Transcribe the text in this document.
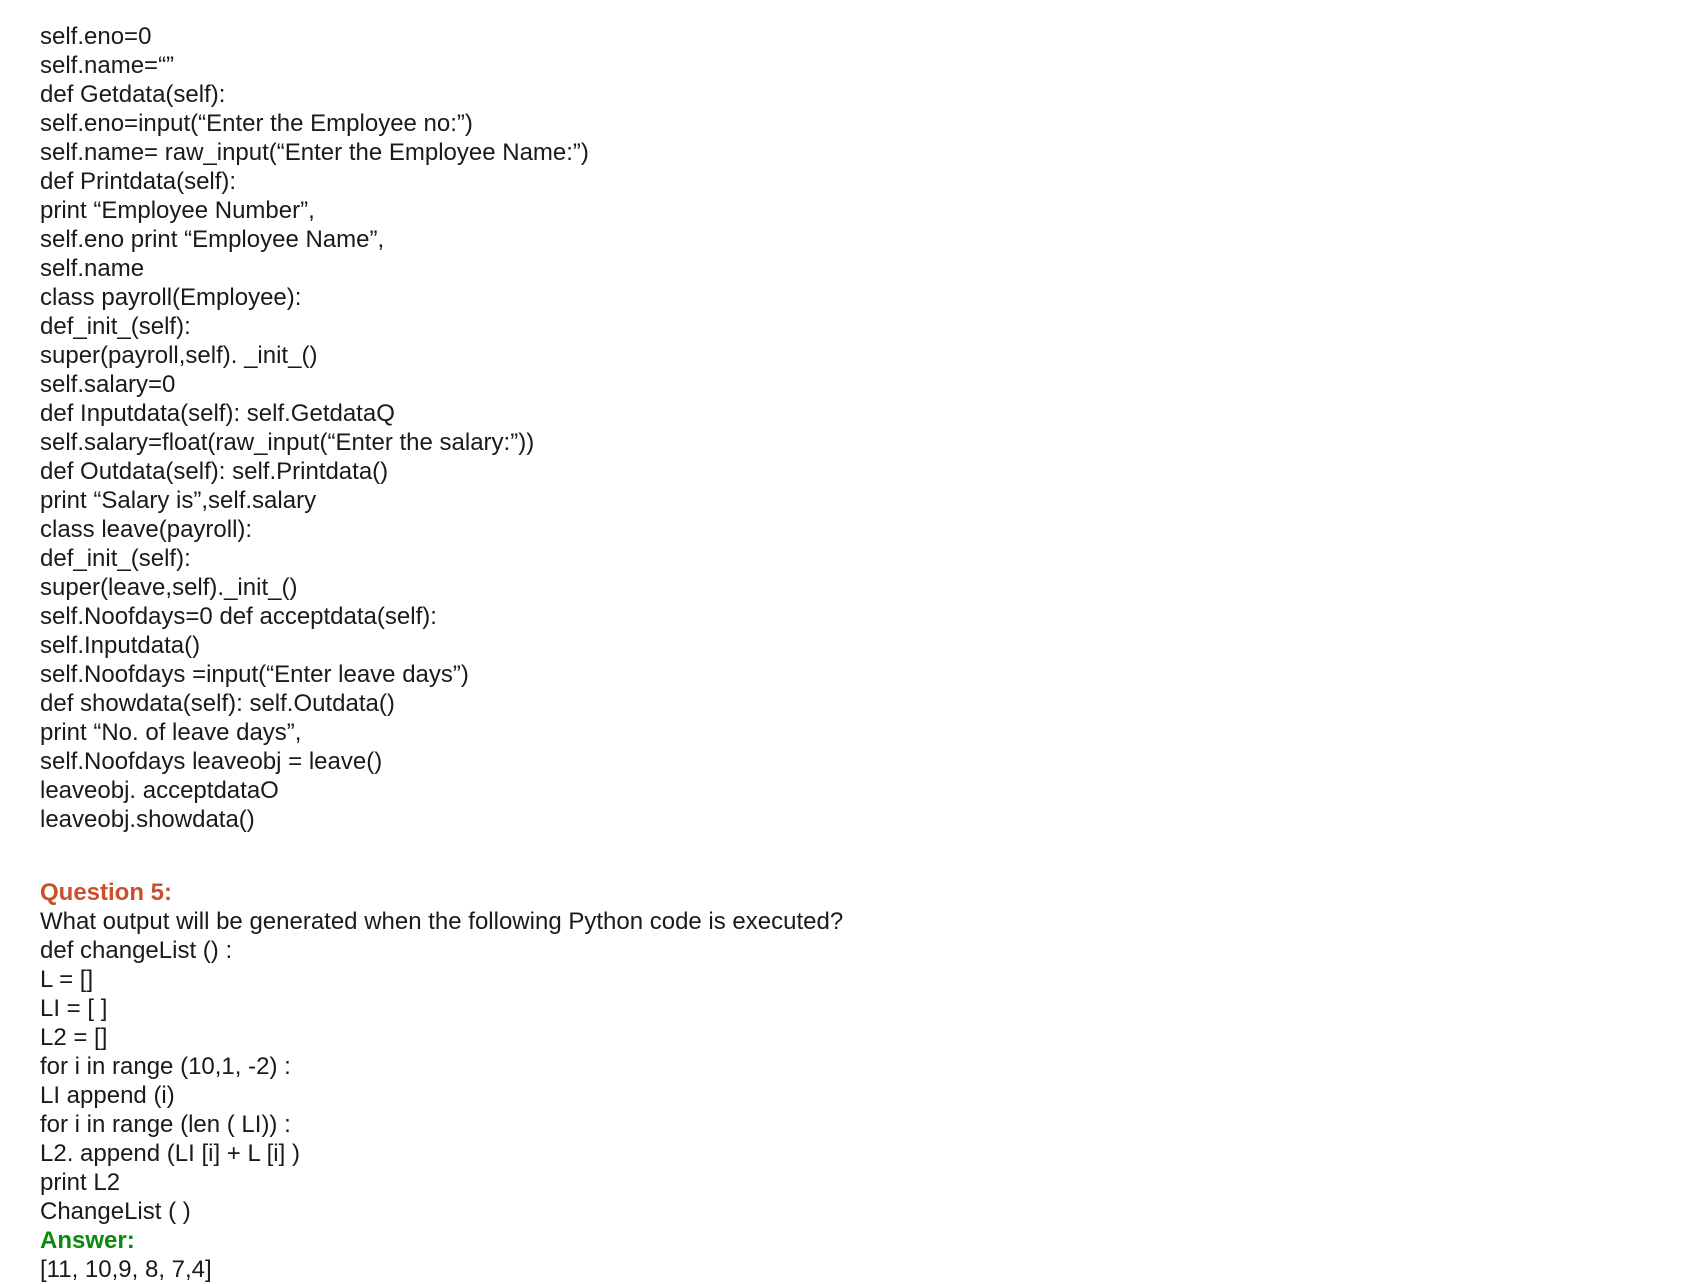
self.eno=0
self.name=“”
def Getdata(self):
self.eno=input(“Enter the Employee no:”)
self.name= raw_input(“Enter the Employee Name:”)
def Printdata(self):
print “Employee Number”,
self.eno print “Employee Name”,
self.name
class payroll(Employee):
def_init_(self):
super(payroll,self). _init_()
self.salary=0
def Inputdata(self): self.GetdataQ
self.salary=float(raw_input(“Enter the salary:”))
def Outdata(self): self.Printdata()
print “Salary is”,self.salary
class leave(payroll):
def_init_(self):
super(leave,self)._init_()
self.Noofdays=0 def acceptdata(self):
self.Inputdata()
self.Noofdays =input(“Enter leave days”)
def showdata(self): self.Outdata()
print “No. of leave days”,
self.Noofdays leaveobj = leave()
leaveobj. acceptdataO
leaveobj.showdata()
Question 5:
What output will be generated when the following Python code is executed?
def changeList () :
L = []
LI = [ ]
L2 = []
for i in range (10,1, -2) :
LI append (i)
for i in range (len ( LI)) :
L2. append (LI [i] + L [i] )
print L2
ChangeList ( )
Answer:
[11, 10,9, 8, 7,4]
